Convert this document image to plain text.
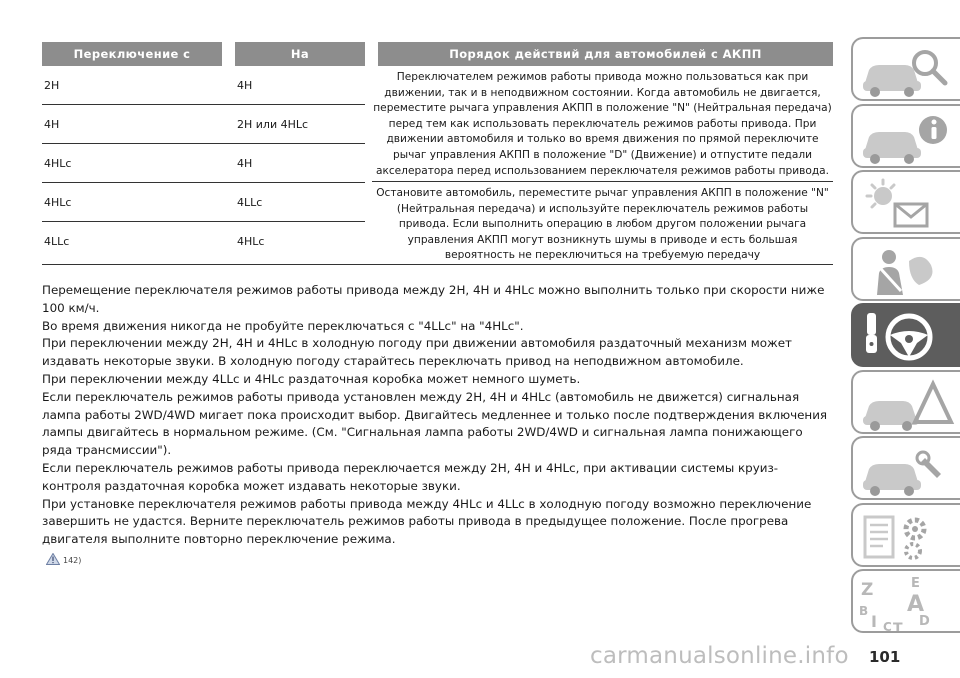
Переключение с	На	Порядок действий для автомобилей с АКПП
2H	4H
4H	2H или 4HLc
4HLc	4H
4HLc	4LLc
4LLc	4HLc
Переключателем режимов работы привода можно пользоваться как при движении, так и в неподвижном состоянии. Когда автомобиль не двигается, переместите рычага управления АКПП в положение "N" (Нейтральная передача) перед тем как использовать переключатель режимов работы привода. При движении автомобиля и только во время движения по прямой переключите рычаг управления АКПП в положение "D" (Движение) и отпустите педали акселератора перед использованием переключателя режимов работы привода.
Остановите автомобиль, переместите рычаг управления АКПП в положение "N" (Нейтральная передача) и используйте переключатель режимов работы привода. Если выполнить операцию в любом другом положении рычага управления АКПП могут возникнуть шумы в приводе и есть большая вероятность не переключиться на требуемую передачу

Перемещение переключателя режимов работы привода между 2H, 4H и 4HLc можно выполнить только при скорости ниже 100 км/ч.

Во время движения никогда не пробуйте переключаться с "4LLc" на "4HLc".

При переключении между 2H, 4H и 4HLc в холодную погоду при движении автомобиля раздаточный механизм может издавать некоторые звуки. В холодную погоду старайтесь переключать привод на неподвижном автомобиле.

При переключении между 4LLc и 4HLc раздаточная коробка может немного шуметь.

Если переключатель режимов работы привода установлен между 2H, 4H и 4HLc (автомобиль не движется) сигнальная лампа работы 2WD/4WD мигает пока происходит выбор. Двигайтесь медленнее и только после подтверждения включения лампы двигайтесь в нормальном режиме. (См. "Сигнальная лампа работы 2WD/4WD и сигнальная лампа понижающего ряда трансмиссии").

Если переключатель режимов работы привода переключается между 2H, 4H и 4HLc, при активации системы круиз-контроля раздаточная коробка может издавать некоторые звуки.

При установке переключателя режимов работы привода между 4HLc и 4LLc в холодную погоду возможно переключение завершить не удастся. Верните переключатель режимов работы привода в предыдущее положение. После прогрева двигателя выполните повторно переключение режима.

142)
Z	E
B A
I C T D
carmanualsonline.info 101
